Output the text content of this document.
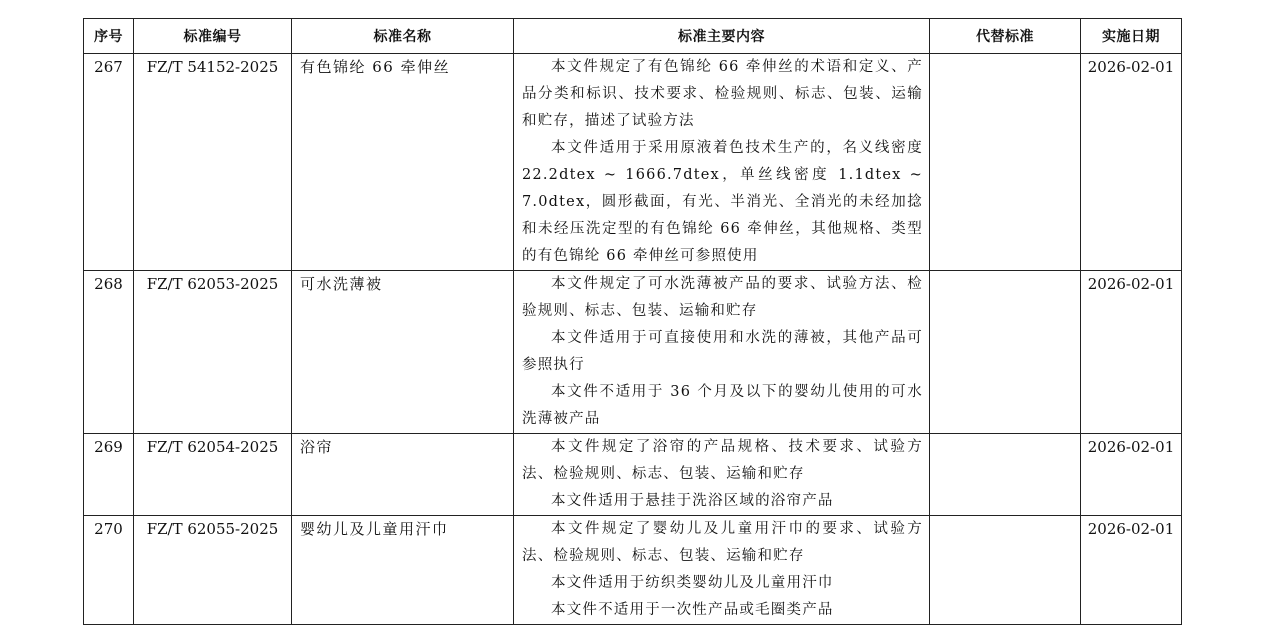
序号	标准编号	标准名称	标准主要内容	代替标准	实施日期

267	FZ/T 54152-2025	有色锦纶 66 牵伸丝	本文件规定了有色锦纶 66 牵伸丝的术语和定义、产品分类和标识、技术要求、检验规则、标志、包装、运输和贮存，描述了试验方法

本文件适用于采用原液着色技术生产的，名义线密度 22.2dtex ~ 1666.7dtex，单丝线密度 1.1dtex ~ 7.0dtex，圆形截面，有光、半消光、全消光的未经加捻和未经压洗定型的有色锦纶 66 牵伸丝，其他规格、类型的有色锦纶 66 牵伸丝可参照使用		2026-02-01

268	FZ/T 62053-2025	可水洗薄被	本文件规定了可水洗薄被产品的要求、试验方法、检验规则、标志、包装、运输和贮存

本文件适用于可直接使用和水洗的薄被，其他产品可参照执行

本文件不适用于 36 个月及以下的婴幼儿使用的可水洗薄被产品		2026-02-01

269	FZ/T 62054-2025	浴帘	本文件规定了浴帘的产品规格、技术要求、试验方法、检验规则、标志、包装、运输和贮存

本文件适用于悬挂于洗浴区域的浴帘产品		2026-02-01

270	FZ/T 62055-2025	婴幼儿及儿童用汗巾	本文件规定了婴幼儿及儿童用汗巾的要求、试验方法、检验规则、标志、包装、运输和贮存

本文件适用于纺织类婴幼儿及儿童用汗巾

本文件不适用于一次性产品或毛圈类产品		2026-02-01
